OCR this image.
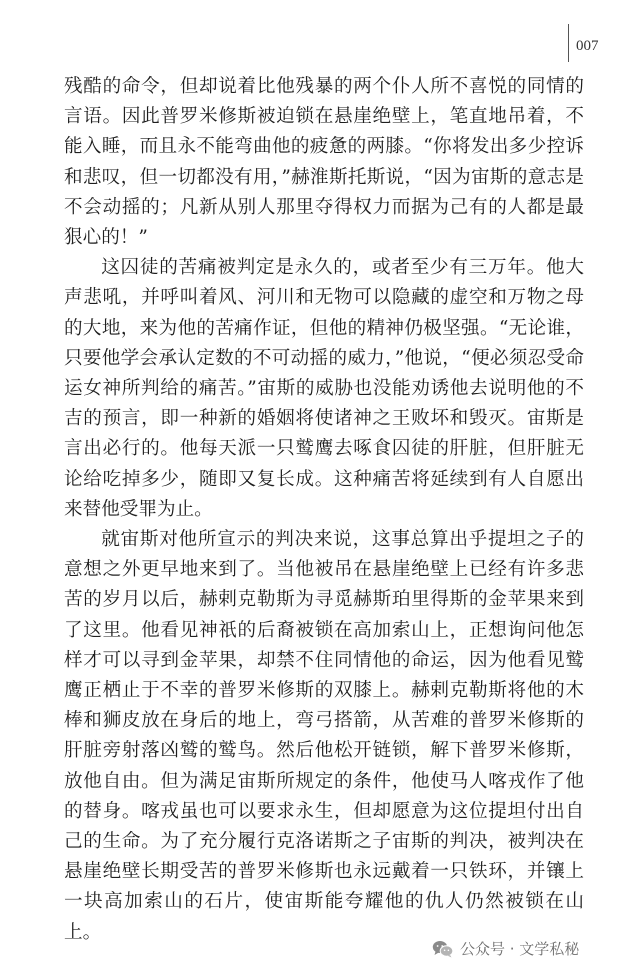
007

残酷的命令，但却说着比他残暴的两个仆人所不喜悦的同情的言语。因此普罗米修斯被迫锁在悬崖绝壁上，笔直地吊着，不能入睡，而且永不能弯曲他的疲惫的两膝。“你将发出多少控诉和悲叹，但一切都没有用，”赫淮斯托斯说，“因为宙斯的意志是不会动摇的；凡新从别人那里夺得权力而据为己有的人都是最狠心的！”

这囚徒的苦痛被判定是永久的，或者至少有三万年。他大声悲吼，并呼叫着风、河川和无物可以隐藏的虚空和万物之母的大地，来为他的苦痛作证，但他的精神仍极坚强。“无论谁，只要他学会承认定数的不可动摇的威力，”他说，“便必须忍受命运女神所判给的痛苦。”宙斯的威胁也没能劝诱他去说明他的不吉的预言，即一种新的婚姻将使诸神之王败坏和毁灭。宙斯是言出必行的。他每天派一只鹫鹰去啄食囚徒的肝脏，但肝脏无论给吃掉多少，随即又复长成。这种痛苦将延续到有人自愿出来替他受罪为止。

就宙斯对他所宣示的判决来说，这事总算出乎提坦之子的意想之外更早地来到了。当他被吊在悬崖绝壁上已经有许多悲苦的岁月以后，赫剌克勒斯为寻觅赫斯珀里得斯的金苹果来到了这里。他看见神祇的后裔被锁在高加索山上，正想询问他怎样才可以寻到金苹果，却禁不住同情他的命运，因为他看见鹫鹰正栖止于不幸的普罗米修斯的双膝上。赫剌克勒斯将他的木棒和狮皮放在身后的地上，弯弓搭箭，从苦难的普罗米修斯的肝脏旁射落凶鹫的鹫鸟。然后他松开链锁，解下普罗米修斯，放他自由。但为满足宙斯所规定的条件，他使马人喀戎作了他的替身。喀戎虽也可以要求永生，但却愿意为这位提坦付出自己的生命。为了充分履行克洛诺斯之子宙斯的判决，被判决在悬崖绝壁长期受苦的普罗米修斯也永远戴着一只铁环，并镶上一块高加索山的石片，使宙斯能夸耀他的仇人仍然被锁在山上。

公众号 · 文学私秘
